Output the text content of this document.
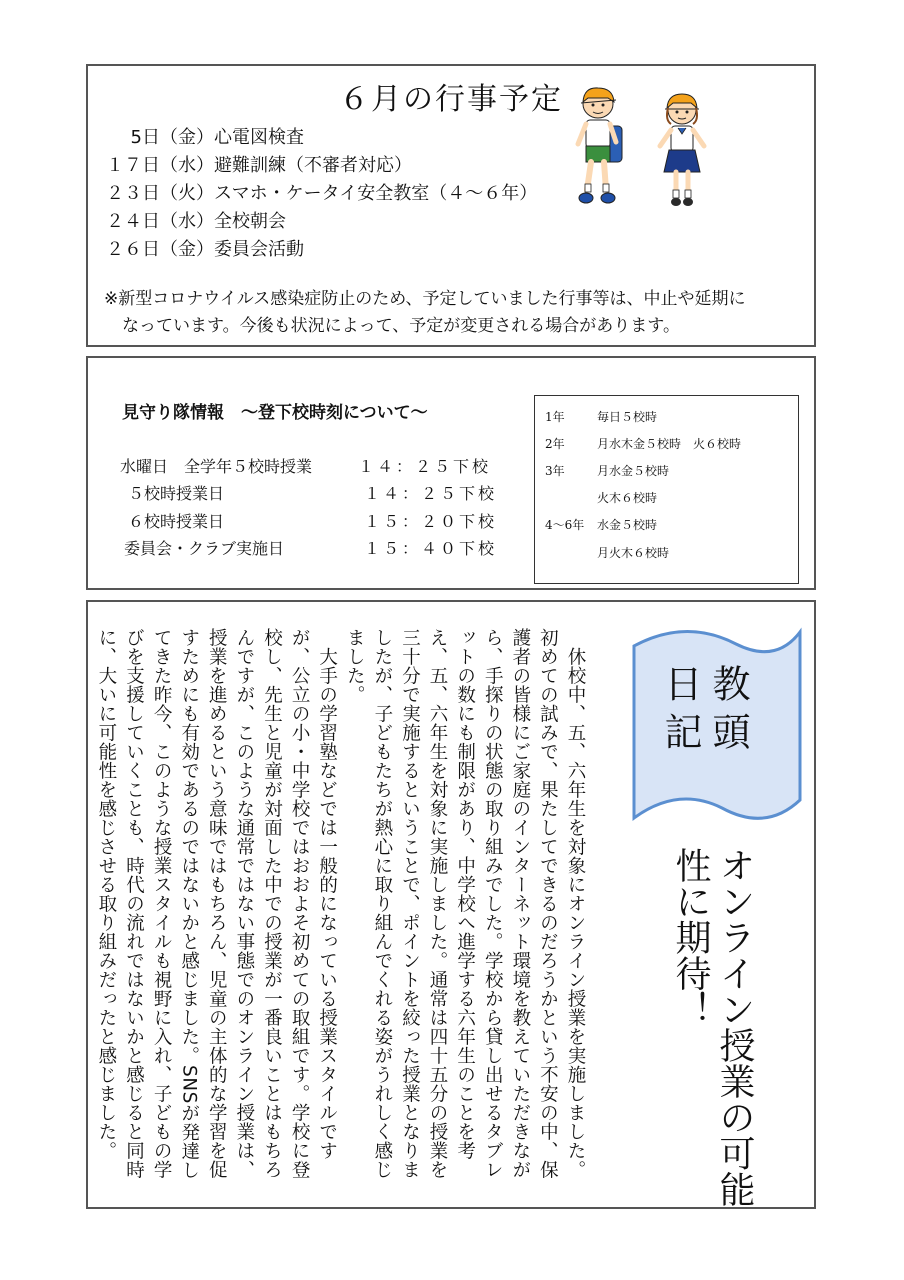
６月の行事予定
5日（金）心電図検査
１７日（水）避難訓練（不審者対応）
２３日（火）スマホ・ケータイ安全教室（４～６年）
２４日（水）全校朝会
２６日（金）委員会活動
※新型コロナウイルス感染症防止のため、予定していました行事等は、中止や延期に

なっています。今後も状況によって、予定が変更される場合があります。
見守り隊情報　～登下校時刻について～
水曜日　全学年５校時授業	１４：２５下校
５校時授業日	１４：２５下校
６校時授業日	１５：２０下校
委員会・クラブ実施日	１５：４０下校
1年	毎日５校時
2年	月水木金５校時　火６校時
3年	月水金５校時
火木６校時
4～6年 水金５校時
月火木６校時
教頭日記
オンライン授業の可能性に期待！

休校中、五、六年生を対象にオンライン授業を実施しました。初めての試みで、果たしてできるのだろうかという不安の中、保護者の皆様にご家庭のインターネット環境を教えていただきながら、手探りの状態の取り組みでした。学校から貸し出せるタブレットの数にも制限があり、中学校へ進学する六年生のことを考え、五、六年生を対象に実施しました。通常は四十五分の授業を三十分で実施するということで、ポイントを絞った授業となりましたが、子どもたちが熱心に取り組んでくれる姿がうれしく感じました。

大手の学習塾などでは一般的になっている授業スタイルですが、公立の小・中学校ではおおよそ初めての取組です。学校に登校し、先生と児童が対面した中での授業が一番良いことはもちろんですが、このような通常ではない事態でのオンライン授業は、授業を進めるという意味ではもちろん、児童の主体的な学習を促すためにも有効であるのではないかと感じました。SNSが発達してきた昨今、このような授業スタイルも視野に入れ、子どもの学びを支援していくことも、時代の流れではないかと感じると同時に、大いに可能性を感じさせる取り組みだったと感じました。
